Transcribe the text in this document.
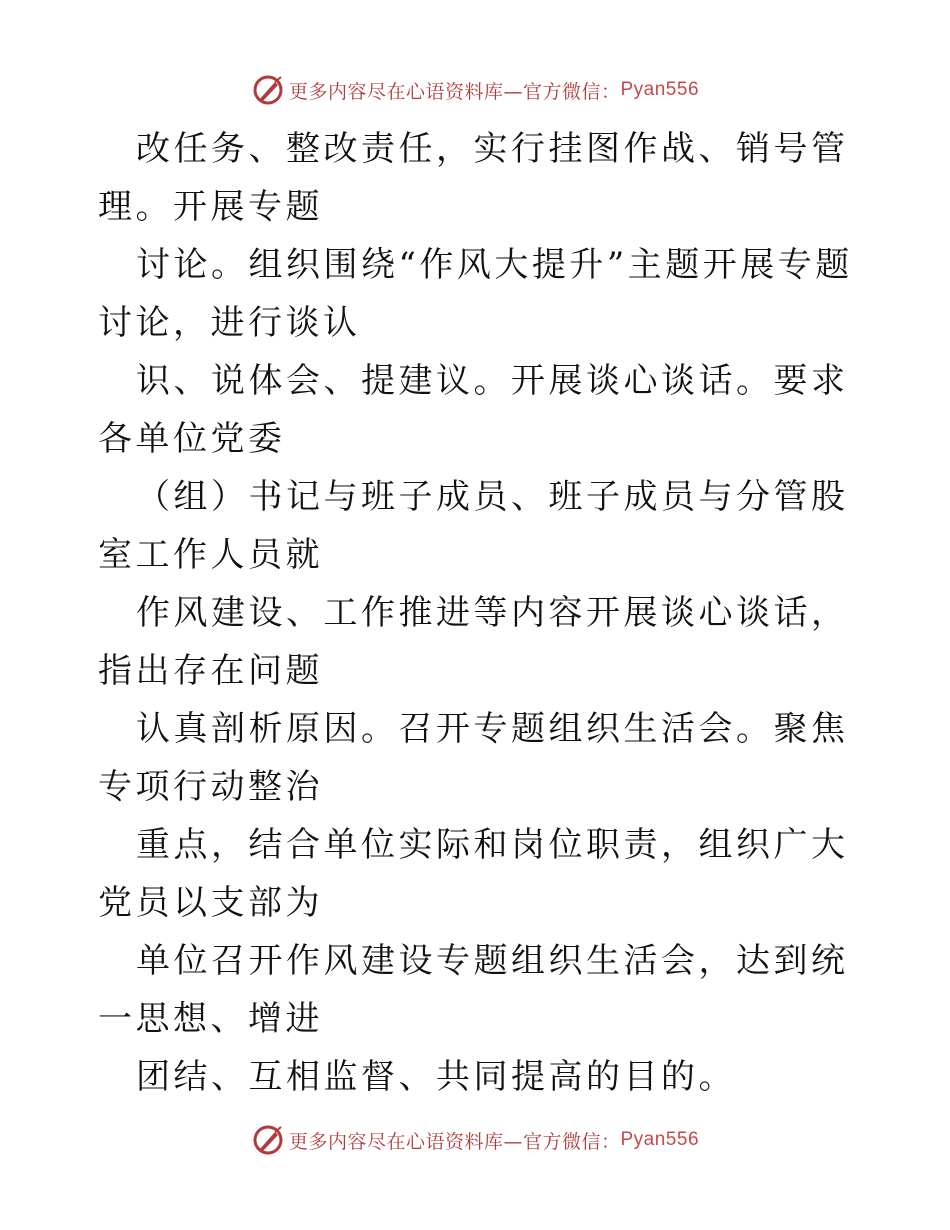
更多内容尽在心语资料库— 官方微信： Pyan556

改任务、整改责任，实行挂图作战、销号管理。开展专题

讨论。组织围绕“作风大提升”主题开展专题讨论，进行谈认

识、说体会、提建议。开展谈心谈话。要求各单位党委

（组）书记与班子成员、班子成员与分管股室工作人员就

作风建设、工作推进等内容开展谈心谈话，指出存在问题

认真剖析原因。召开专题组织生活会。聚焦专项行动整治

重点，结合单位实际和岗位职责，组织广大党员以支部为

单位召开作风建设专题组织生活会，达到统一思想、增进

团结、互相监督、共同提高的目的。

更多内容尽在心语资料库— 官方微信： Pyan556
